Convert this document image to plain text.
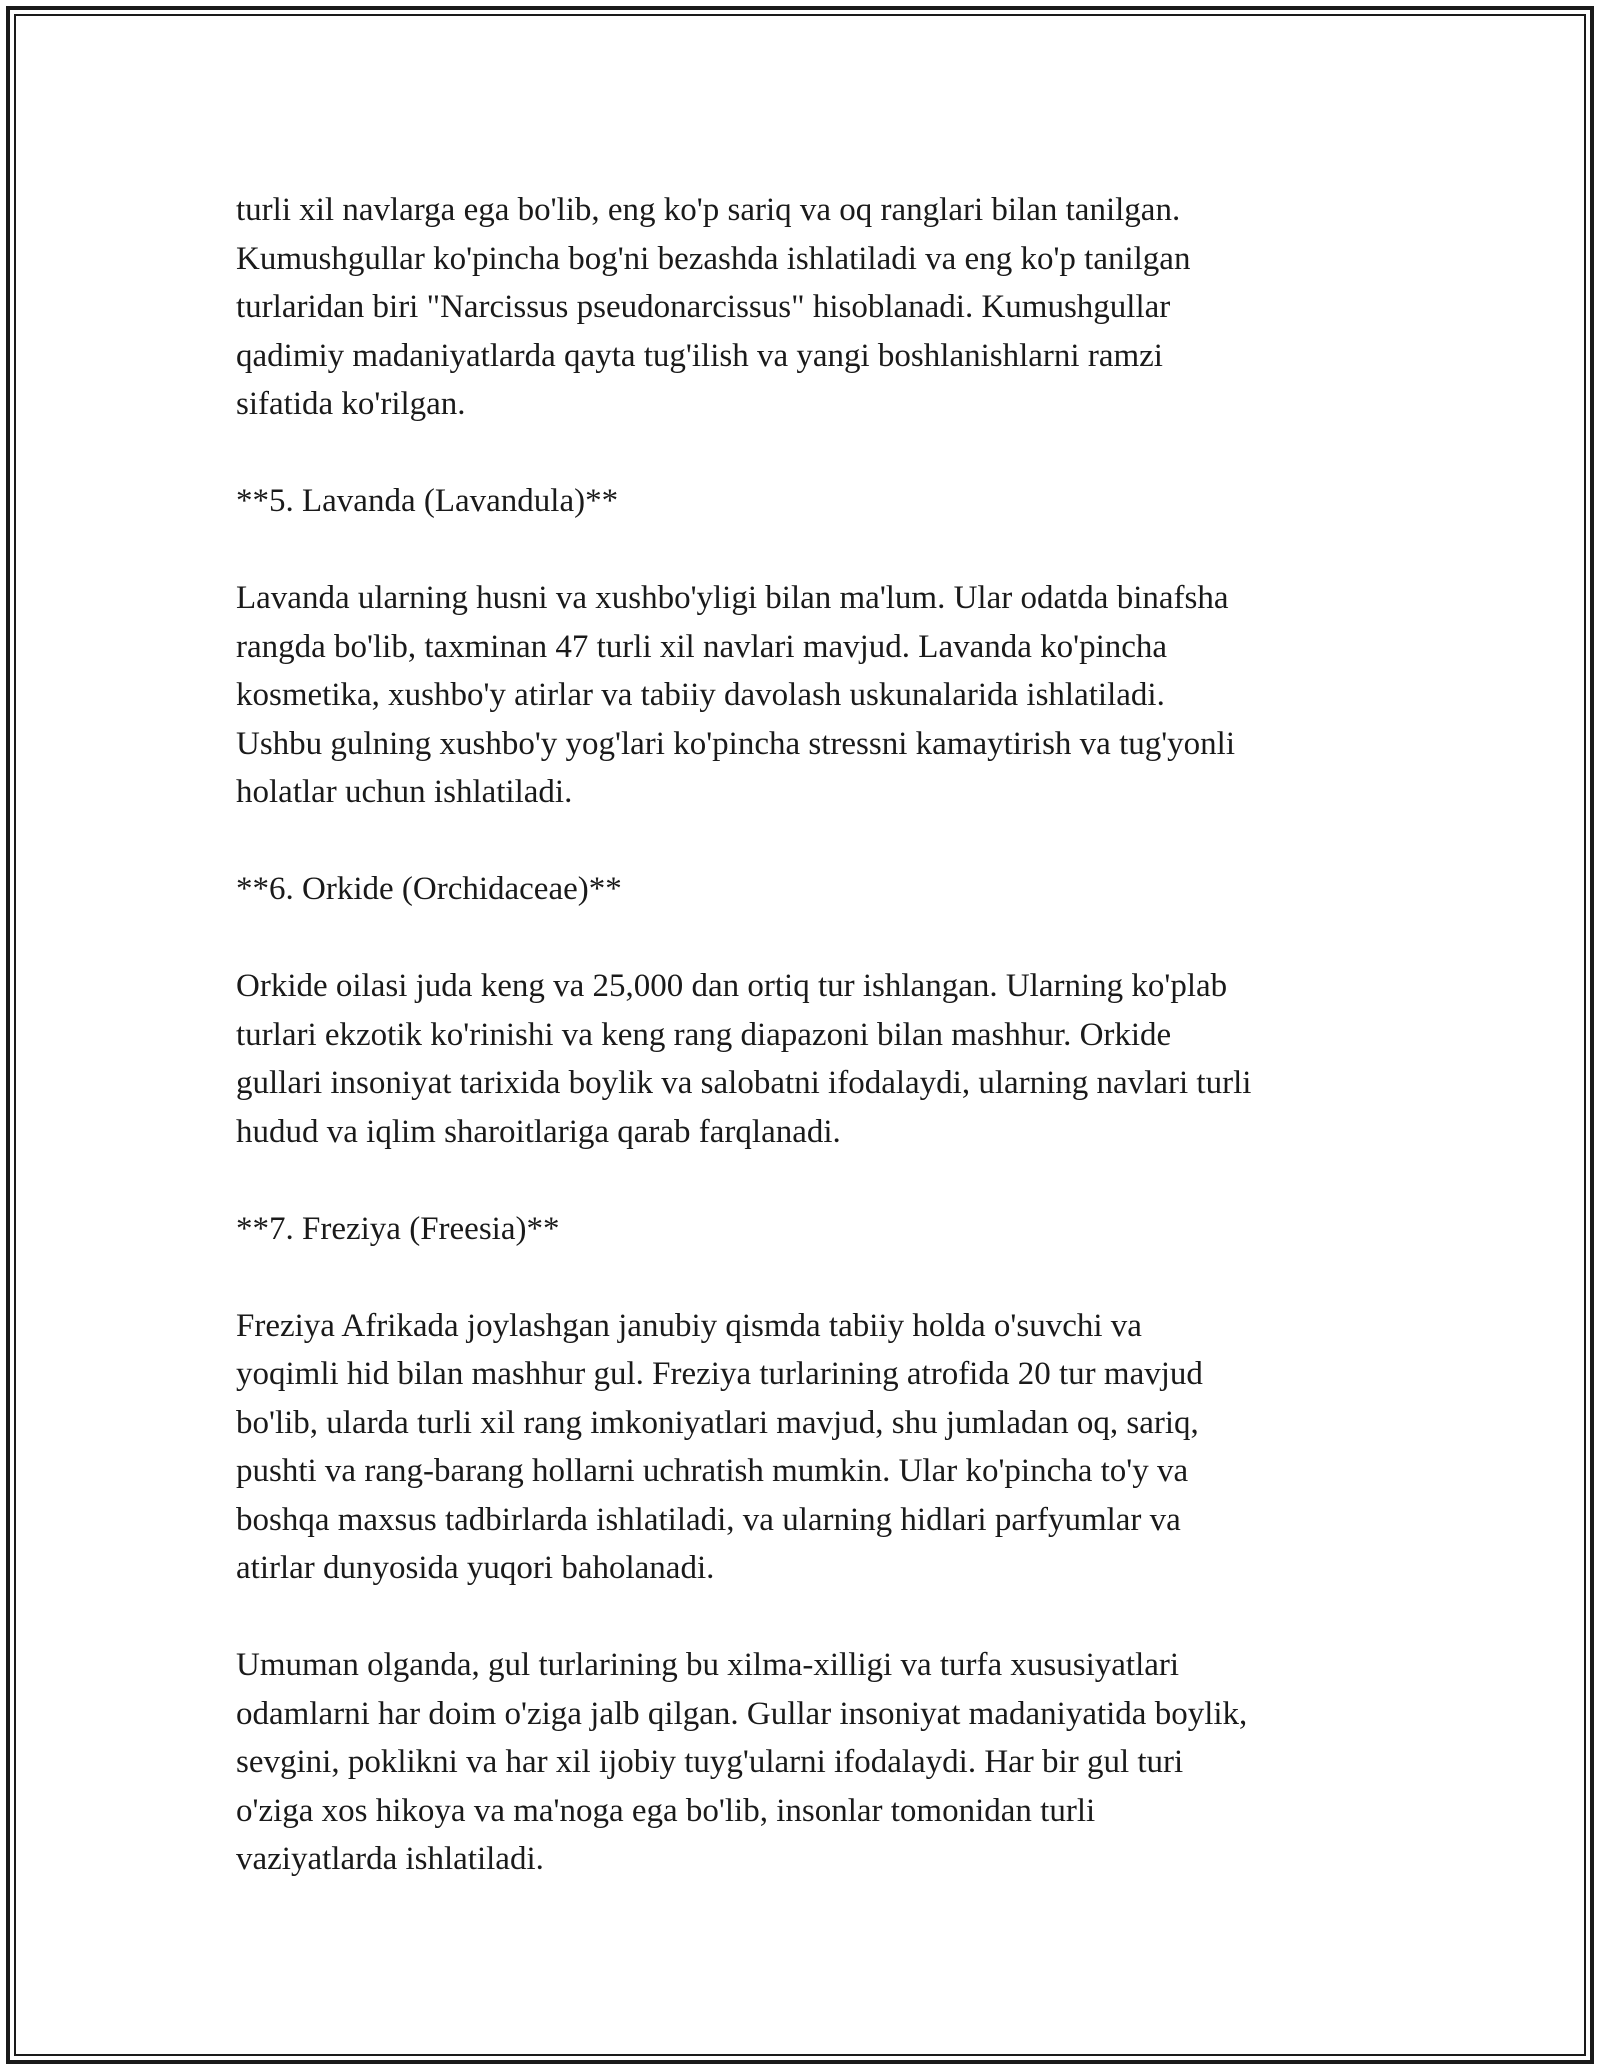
turli xil navlarga ega bo'lib, eng ko'p sariq va oq ranglari bilan tanilgan.
Kumushgullar ko'pincha bog'ni bezashda ishlatiladi va eng ko'p tanilgan
turlaridan biri "Narcissus pseudonarcissus" hisoblanadi. Kumushgullar
qadimiy madaniyatlarda qayta tug'ilish va yangi boshlanishlarni ramzi
sifatida ko'rilgan.

**5. Lavanda (Lavandula)**

Lavanda ularning husni va xushbo'yligi bilan ma'lum. Ular odatda binafsha
rangda bo'lib, taxminan 47 turli xil navlari mavjud. Lavanda ko'pincha
kosmetika, xushbo'y atirlar va tabiiy davolash uskunalarida ishlatiladi.
Ushbu gulning xushbo'y yog'lari ko'pincha stressni kamaytirish va tug'yonli
holatlar uchun ishlatiladi.

**6. Orkide (Orchidaceae)**

Orkide oilasi juda keng va 25,000 dan ortiq tur ishlangan. Ularning ko'plab
turlari ekzotik ko'rinishi va keng rang diapazoni bilan mashhur. Orkide
gullari insoniyat tarixida boylik va salobatni ifodalaydi, ularning navlari turli
hudud va iqlim sharoitlariga qarab farqlanadi.

**7. Freziya (Freesia)**

Freziya Afrikada joylashgan janubiy qismda tabiiy holda o'suvchi va
yoqimli hid bilan mashhur gul. Freziya turlarining atrofida 20 tur mavjud
bo'lib, ularda turli xil rang imkoniyatlari mavjud, shu jumladan oq, sariq,
pushti va rang-barang hollarni uchratish mumkin. Ular ko'pincha to'y va
boshqa maxsus tadbirlarda ishlatiladi, va ularning hidlari parfyumlar va
atirlar dunyosida yuqori baholanadi.

Umuman olganda, gul turlarining bu xilma-xilligi va turfa xususiyatlari
odamlarni har doim o'ziga jalb qilgan. Gullar insoniyat madaniyatida boylik,
sevgini, poklikni va har xil ijobiy tuyg'ularni ifodalaydi. Har bir gul turi
o'ziga xos hikoya va ma'noga ega bo'lib, insonlar tomonidan turli
vaziyatlarda ishlatiladi.
